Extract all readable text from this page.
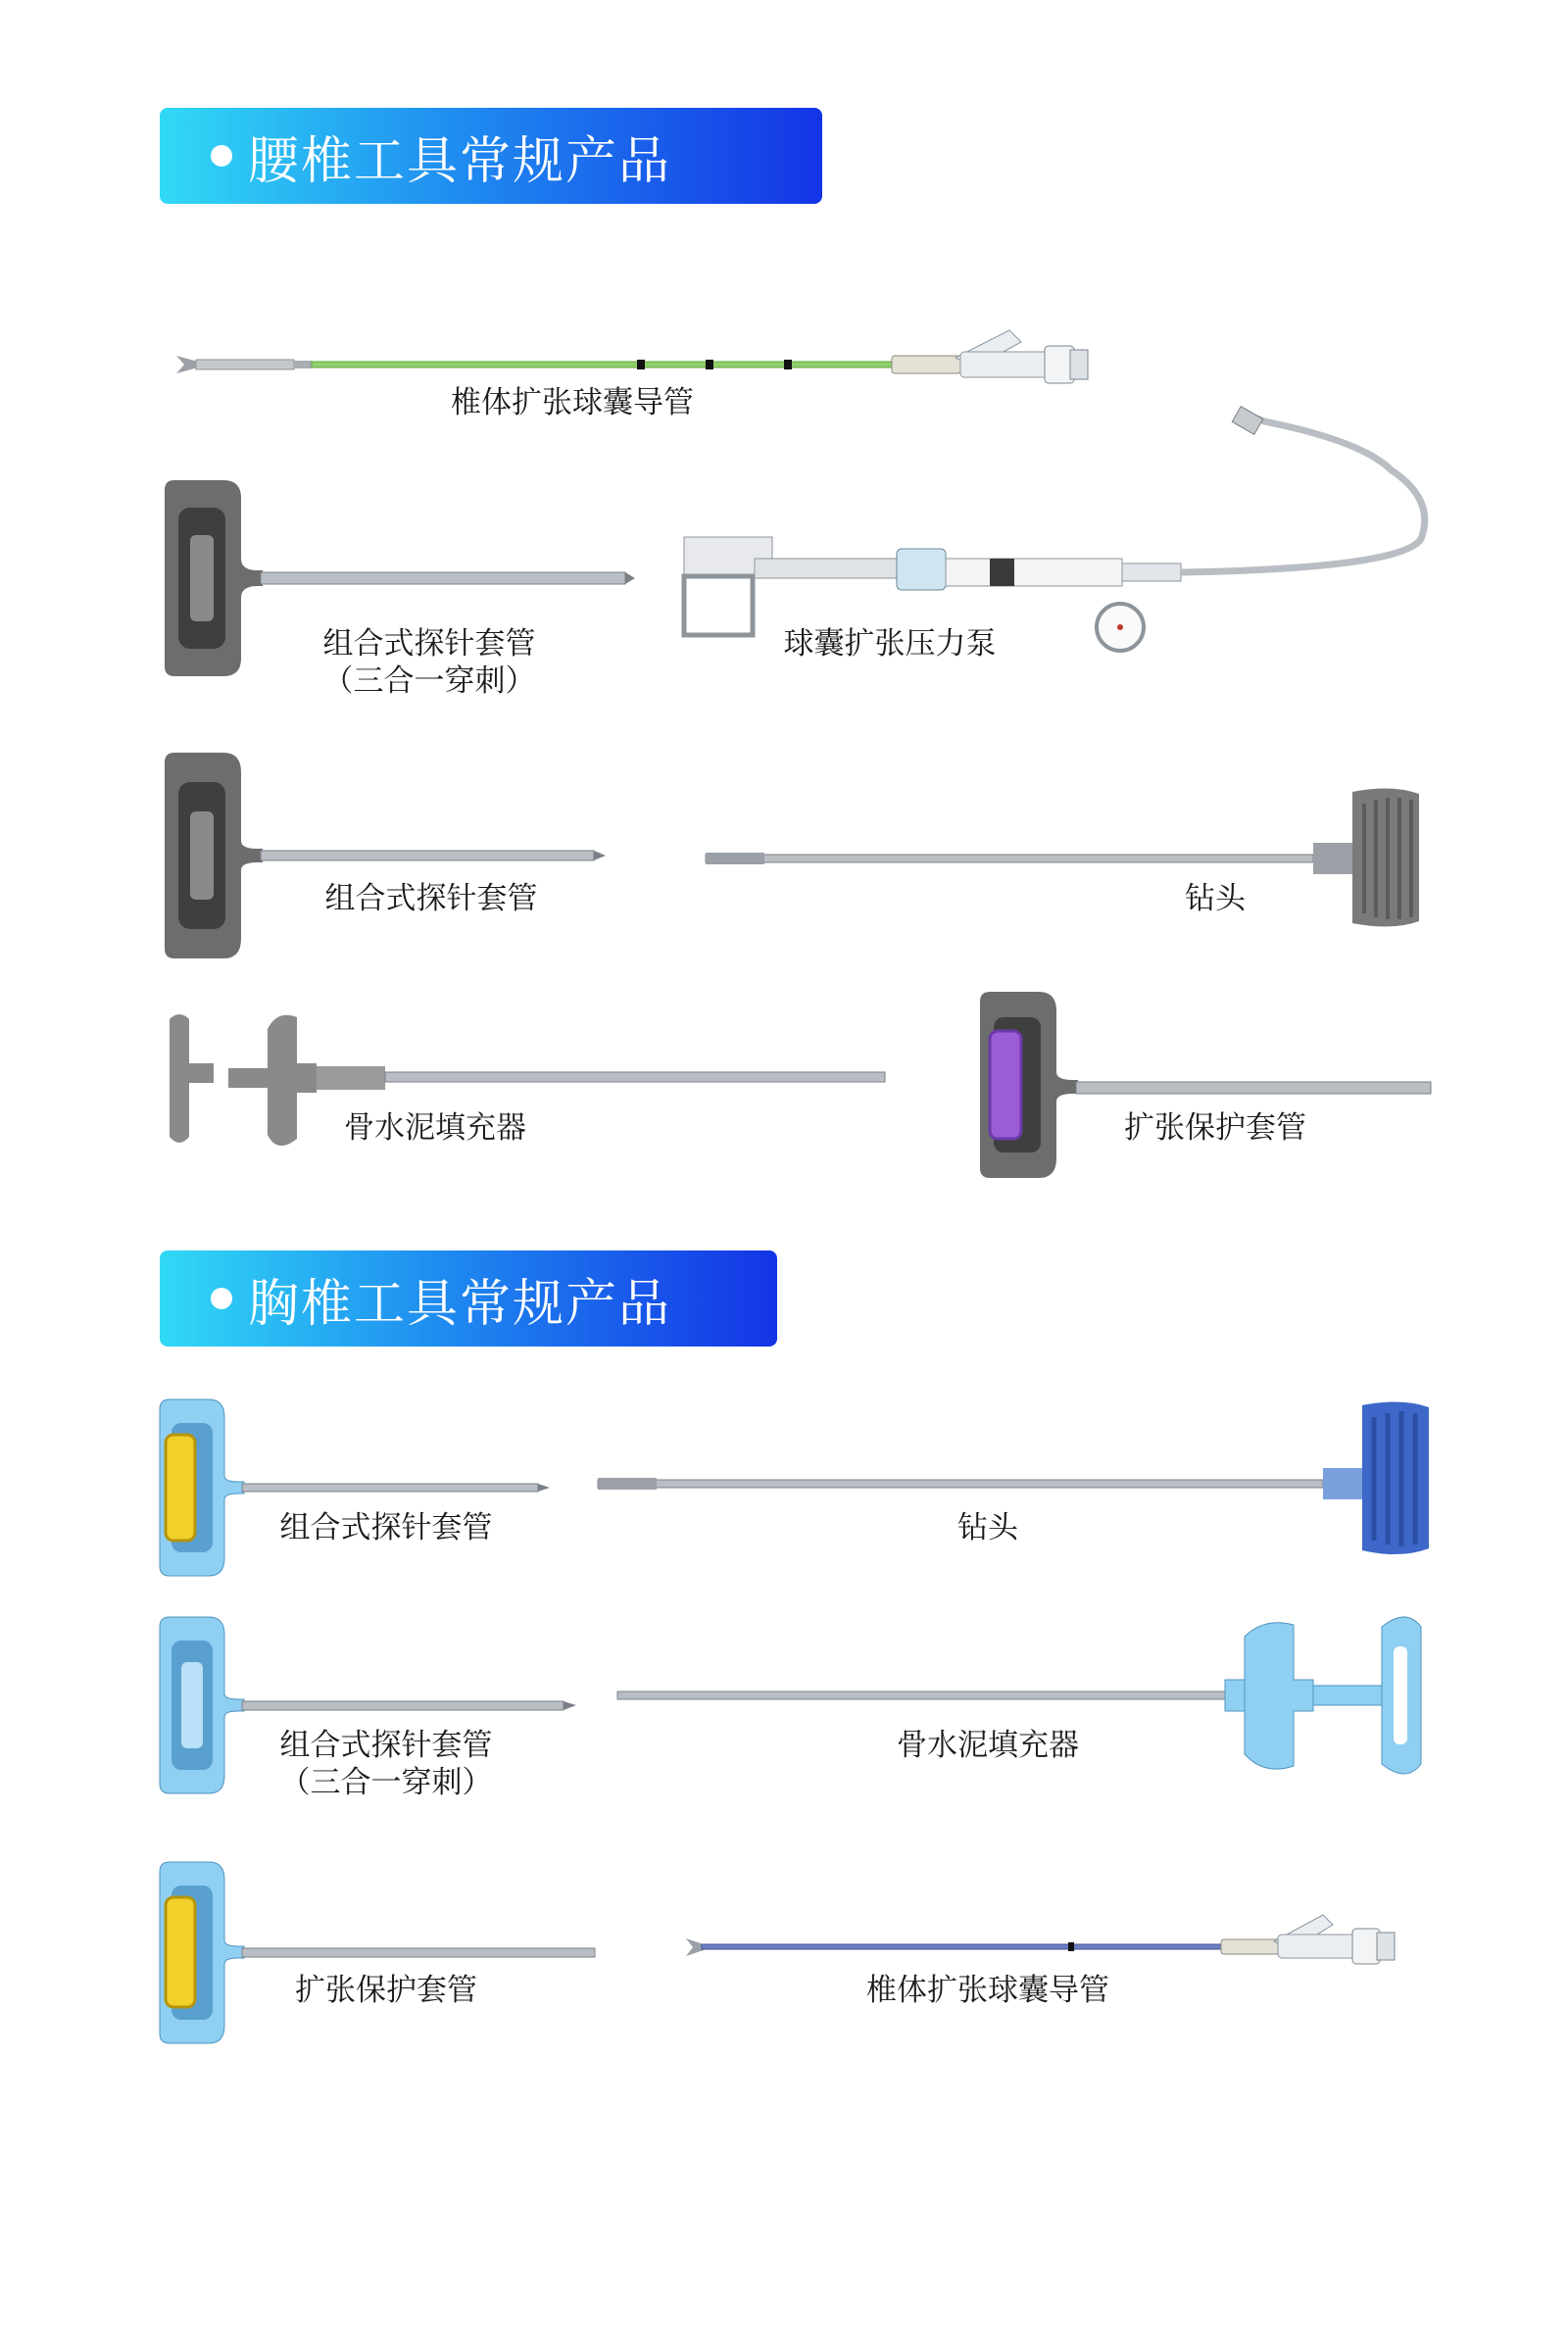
腰椎工具常规产品
椎体扩张球囊导管
组合式探针套管
（三合一穿刺）
球囊扩张压力泵
组合式探针套管	钻头
骨水泥填充器	扩张保护套管
胸椎工具常规产品
组合式探针套管	钻头
组合式探针套管
（三合一穿刺）
骨水泥填充器
扩张保护套管	椎体扩张球囊导管
